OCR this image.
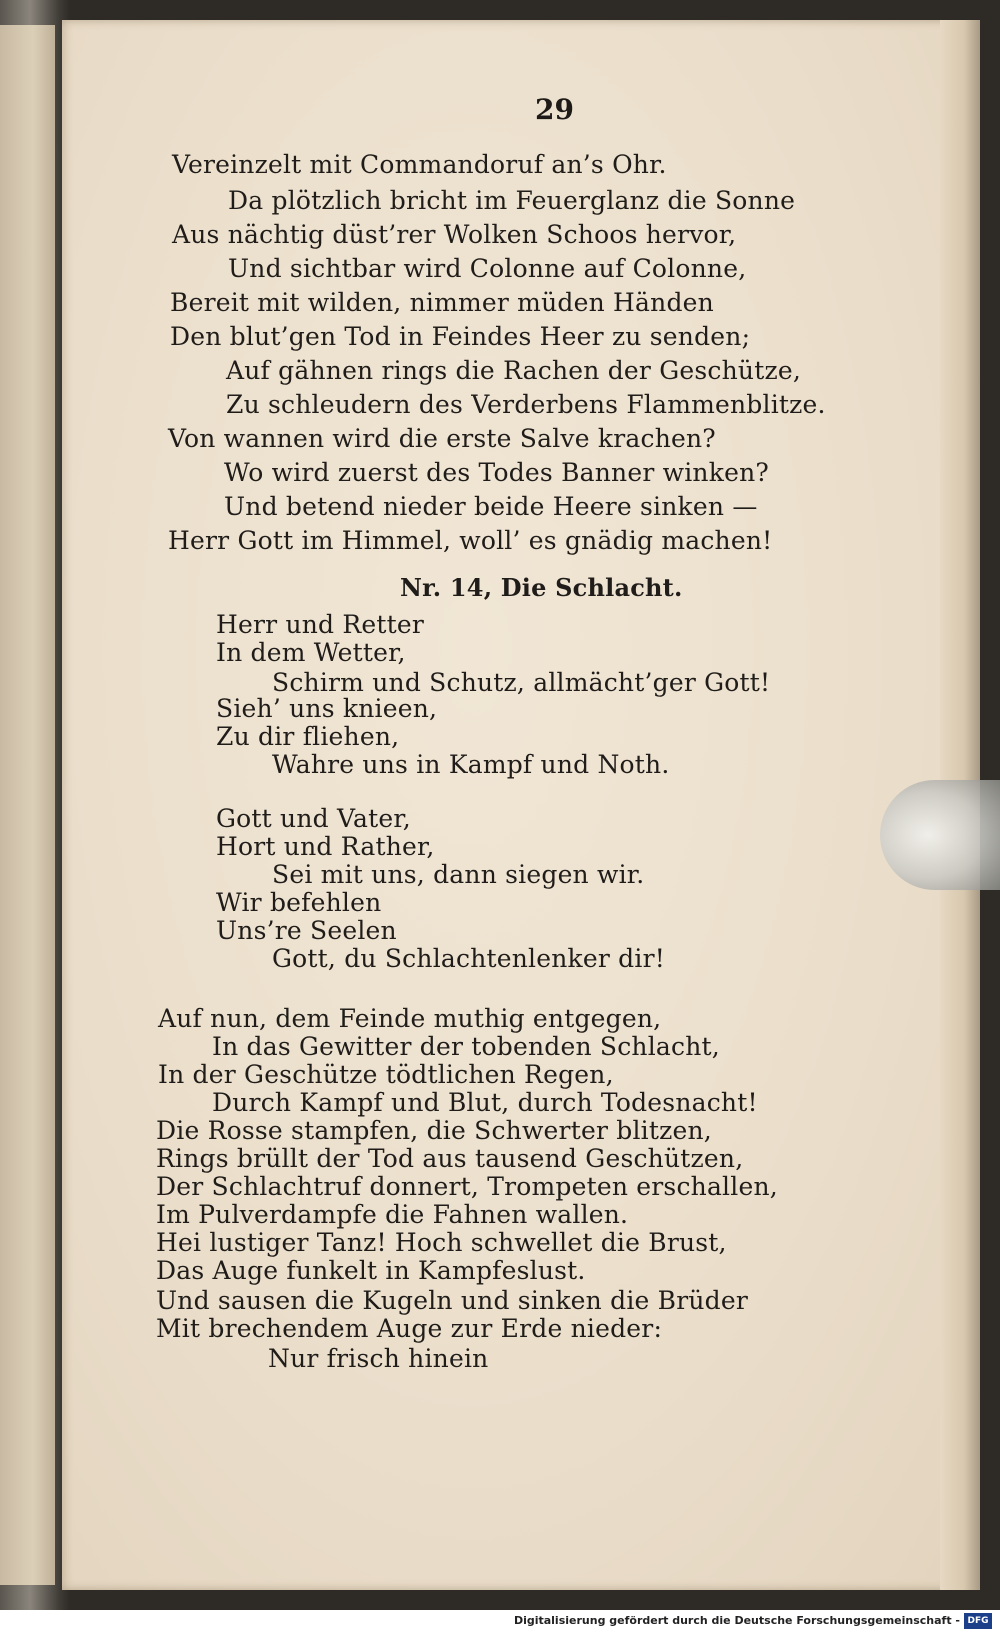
29
Vereinzelt mit Commandoruf an’s Ohr.
Da plötzlich bricht im Feuerglanz die Sonne
Aus nächtig düst’rer Wolken Schoos hervor,
Und sichtbar wird Colonne auf Colonne,
Bereit mit wilden, nimmer müden Händen
Den blut’gen Tod in Feindes Heer zu senden;
Auf gähnen rings die Rachen der Geschütze,
Zu schleudern des Verderbens Flammenblitze.
Von wannen wird die erste Salve krachen?
Wo wird zuerst des Todes Banner winken?
Und betend nieder beide Heere sinken —
Herr Gott im Himmel, woll’ es gnädig machen!
Nr. 14, Die Schlacht.
Herr und Retter
In dem Wetter,
Schirm und Schutz, allmächt’ger Gott!
Sieh’ uns knieen,
Zu dir fliehen,
Wahre uns in Kampf und Noth.
Gott und Vater,
Hort und Rather,
Sei mit uns, dann siegen wir.
Wir befehlen
Uns’re Seelen
Gott, du Schlachtenlenker dir!
Auf nun, dem Feinde muthig entgegen,
In das Gewitter der tobenden Schlacht,
In der Geschütze tödtlichen Regen,
Durch Kampf und Blut, durch Todesnacht!
Die Rosse stampfen, die Schwerter blitzen,
Rings brüllt der Tod aus tausend Geschützen,
Der Schlachtruf donnert, Trompeten erschallen,
Im Pulverdampfe die Fahnen wallen.
Hei lustiger Tanz! Hoch schwellet die Brust,
Das Auge funkelt in Kampfeslust.
Und sausen die Kugeln und sinken die Brüder
Mit brechendem Auge zur Erde nieder:
Nur frisch hinein
Digitalisierung gefördert durch die Deutsche Forschungsgemeinschaft - DFG
